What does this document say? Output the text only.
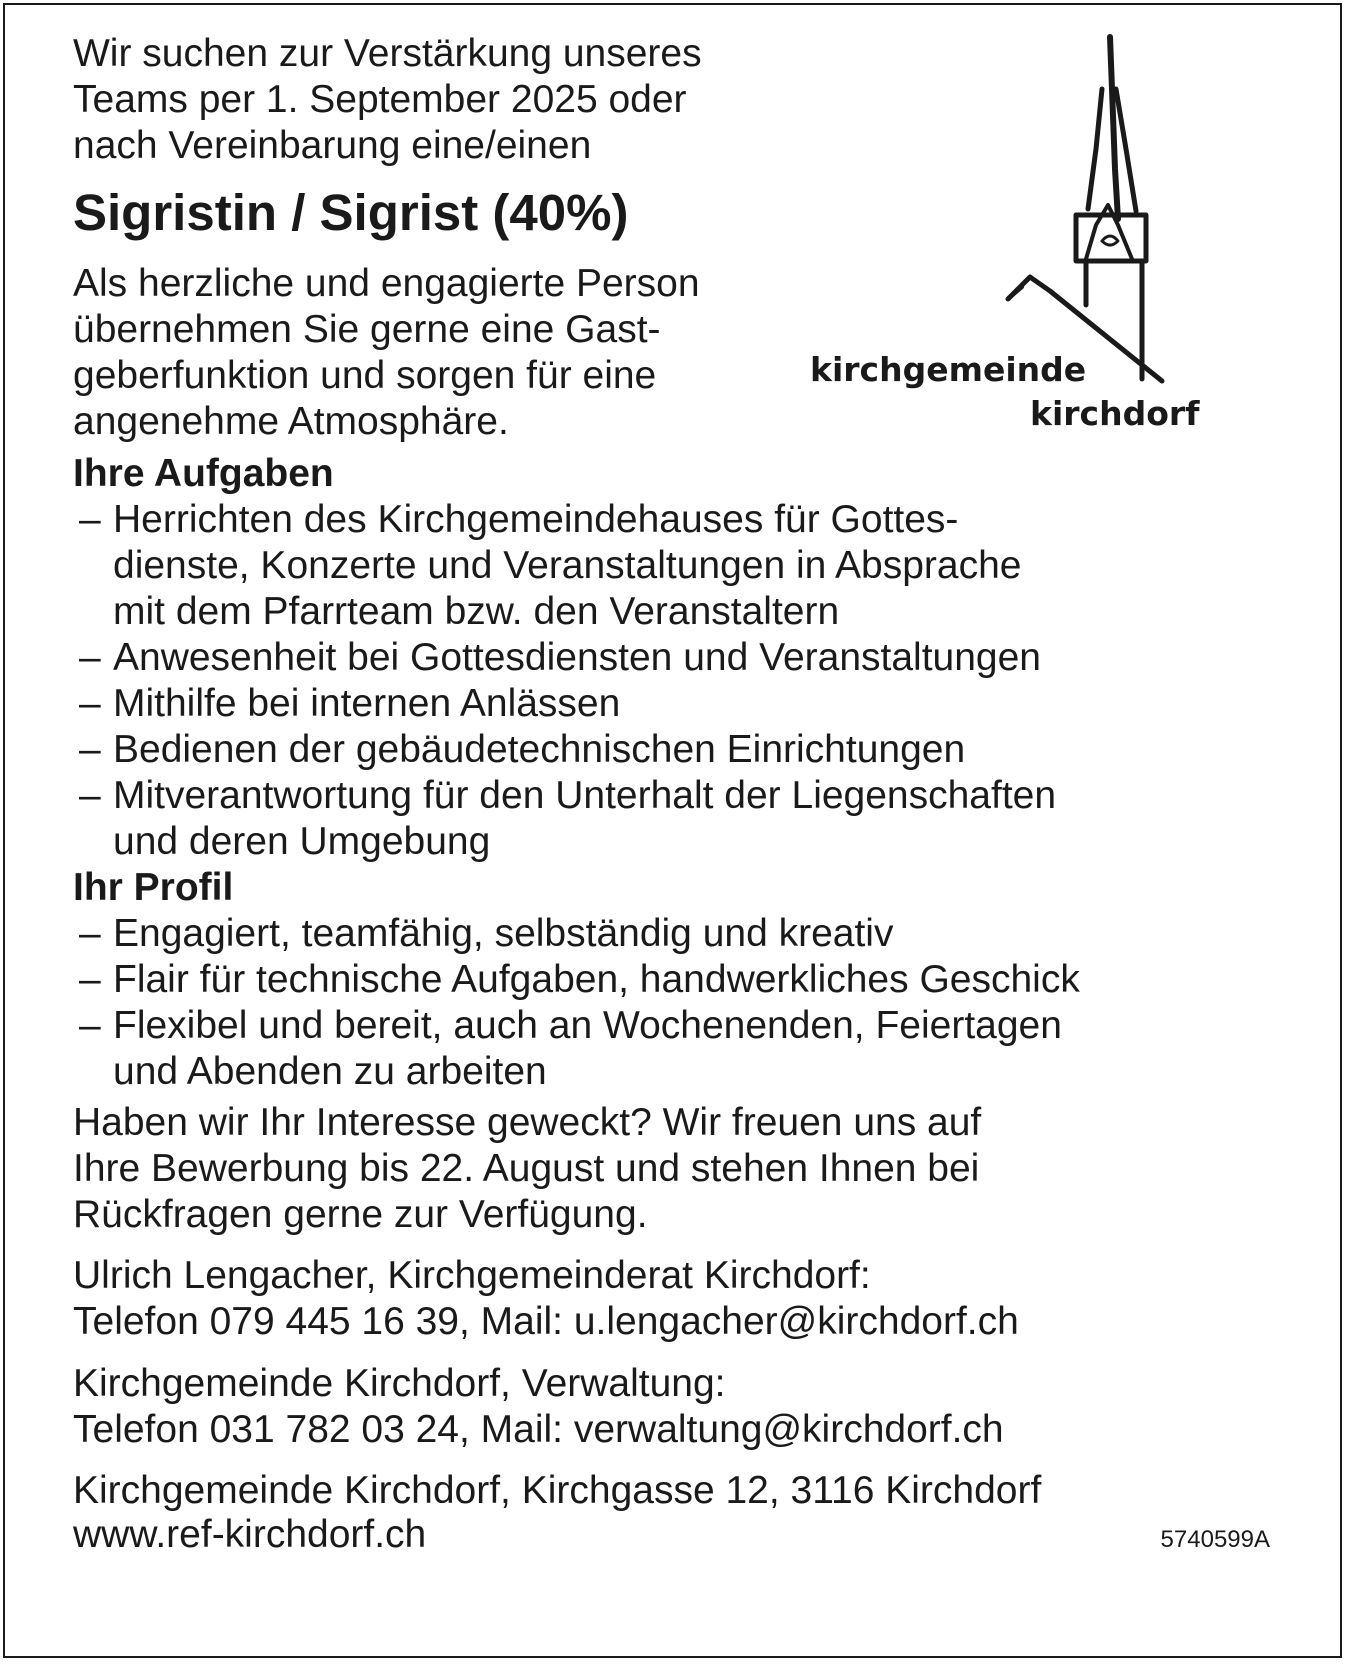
Wir suchen zur Verstärkung unseres
Teams per 1. September 2025 oder
nach Vereinbarung eine/einen
Sigristin / Sigrist (40%)
Als herzliche und engagierte Person
übernehmen Sie gerne eine Gast-
geberfunktion und sorgen für eine
angenehme Atmosphäre.
kirchgemeinde
kirchdorf
Ihre Aufgaben
– Herrichten des Kirchgemeindehauses für Gottes-
dienste, Konzerte und Veranstaltungen in Absprache
mit dem Pfarrteam bzw. den Veranstaltern
– Anwesenheit bei Gottesdiensten und Veranstaltungen
– Mithilfe bei internen Anlässen
– Bedienen der gebäudetechnischen Einrichtungen
– Mitverantwortung für den Unterhalt der Liegenschaften
und deren Umgebung
Ihr Profil
– Engagiert, teamfähig, selbständig und kreativ
– Flair für technische Aufgaben, handwerkliches Geschick
– Flexibel und bereit, auch an Wochenenden, Feiertagen
und Abenden zu arbeiten
Haben wir Ihr Interesse geweckt? Wir freuen uns auf
Ihre Bewerbung bis 22. August und stehen Ihnen bei
Rückfragen gerne zur Verfügung.
Ulrich Lengacher, Kirchgemeinderat Kirchdorf:
Telefon 079 445 16 39, Mail: u.lengacher@kirchdorf.ch
Kirchgemeinde Kirchdorf, Verwaltung:
Telefon 031 782 03 24, Mail: verwaltung@kirchdorf.ch
Kirchgemeinde Kirchdorf, Kirchgasse 12, 3116 Kirchdorf
www.ref-kirchdorf.ch	5740599A
